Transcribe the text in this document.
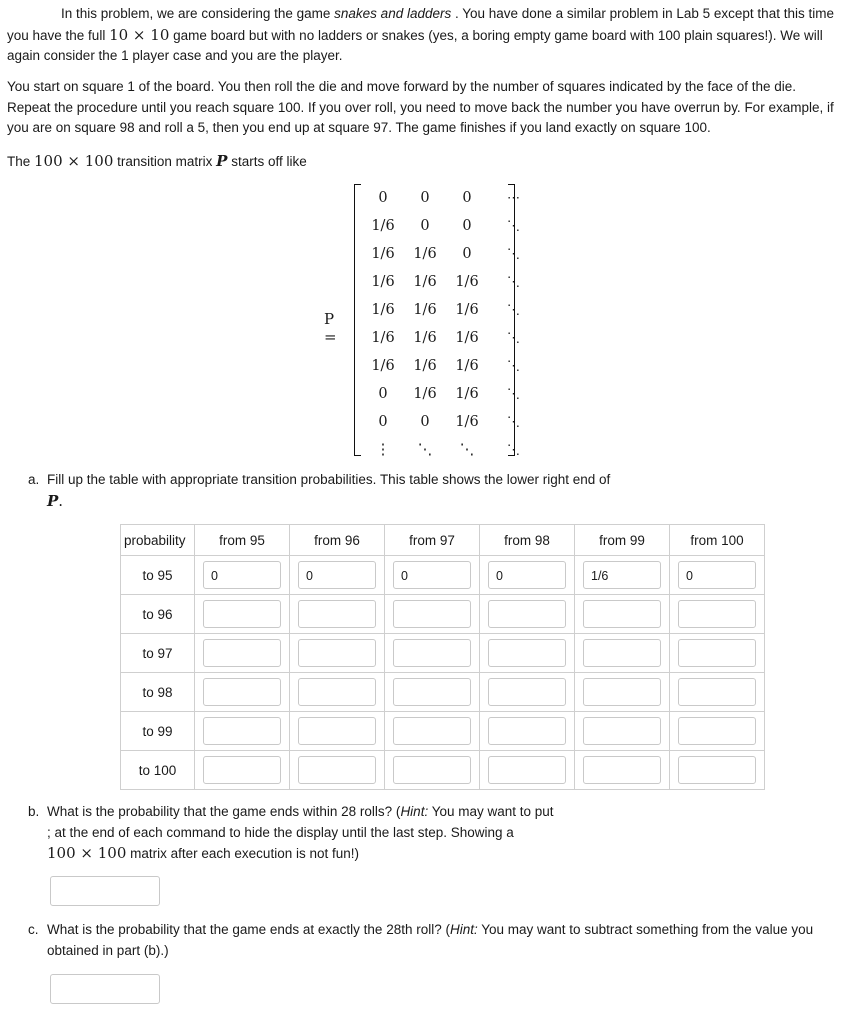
In this problem, we are considering the game snakes and ladders . You have done a similar problem in Lab 5 except that this time you have the full 10 × 10 game board but with no ladders or snakes (yes, a boring empty game board with 100 plain squares!). We will again consider the 1 player case and you are the player.

You start on square 1 of the board. You then roll the die and move forward by the number of squares indicated by the face of the die. Repeat the procedure until you reach square 100. If you over roll, you need to move back the number you have overrun by. For example, if you are on square 98 and roll a 5, then you end up at square 97. The game finishes if you land exactly on square 100.

The 100 × 100 transition matrix P starts off like

P =
0	0	0	⋯
1/6	0	0	⋱
1/6	1/6	0	⋱
1/6	1/6	1/6	⋱
1/6	1/6	1/6	⋱
1/6	1/6	1/6	⋱
1/6	1/6	1/6	⋱
0	1/6	1/6	⋱
0	0	1/6	⋱
⋮	⋱	⋱	⋱
a. Fill up the table with appropriate transition probabilities. This table shows the lower right end of
P.
probability	from 95	from 96	from 97	from 98	from 99	from 100
to 95	0	0	0	0	1/6	0

to 96	

to 97	

to 98	

to 99	

to 100	

b. What is the probability that the game ends within 28 rolls? (Hint: You may want to put
; at the end of each command to hide the display until the last step. Showing a
100 × 100 matrix after each execution is not fun!)
c. What is the probability that the game ends at exactly the 28th roll? (Hint: You may want to subtract something from the value you obtained in part (b).)
